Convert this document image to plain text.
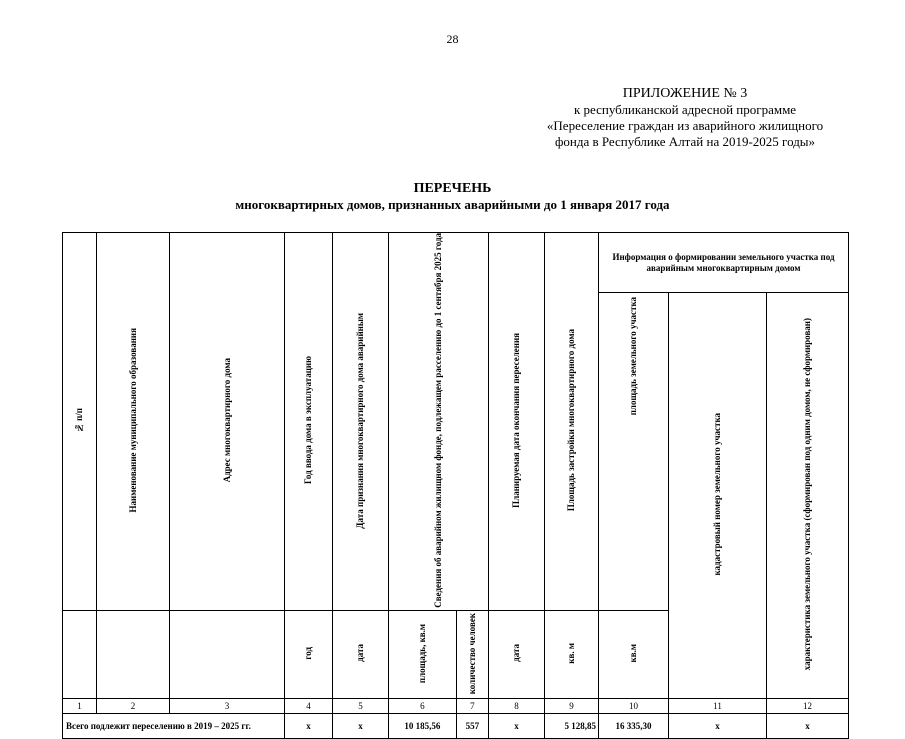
28
ПРИЛОЖЕНИЕ № 3
к республиканской адресной программе
«Переселение граждан из аварийного жилищного
фонда в Республике Алтай на 2019-2025 годы»
ПЕРЕЧЕНЬ
многоквартирных домов, признанных аварийными до 1 января 2017 года
№ п/п	Наименование муниципального образования	Адрес многоквартирного дома	Год ввода дома в эксплуатацию	Дата признания многоквартирного дома аварийным	Сведения об аварийном жилищном фонде, подлежащем расселению до 1 сентября 2025 года		Планируемая дата окончания переселения	Площадь застройки многоквартирного дома	Информация о формировании земельного участка под аварийным многоквартирным домом		
									площадь земельного участка	кадастровый номер земельного участка	характеристика земельного участка (сформирован под одним домом, не сформирован)

			год	дата	площадь, кв.м	количество человек	дата	кв. м	кв.м		
1	2	3	4	5	6	7	8	9	10	11	12
Всего подлежит переселению в 2019 – 2025 гг.			х	х	10 185,56	557	х	5 128,85	16 335,30	х	х
